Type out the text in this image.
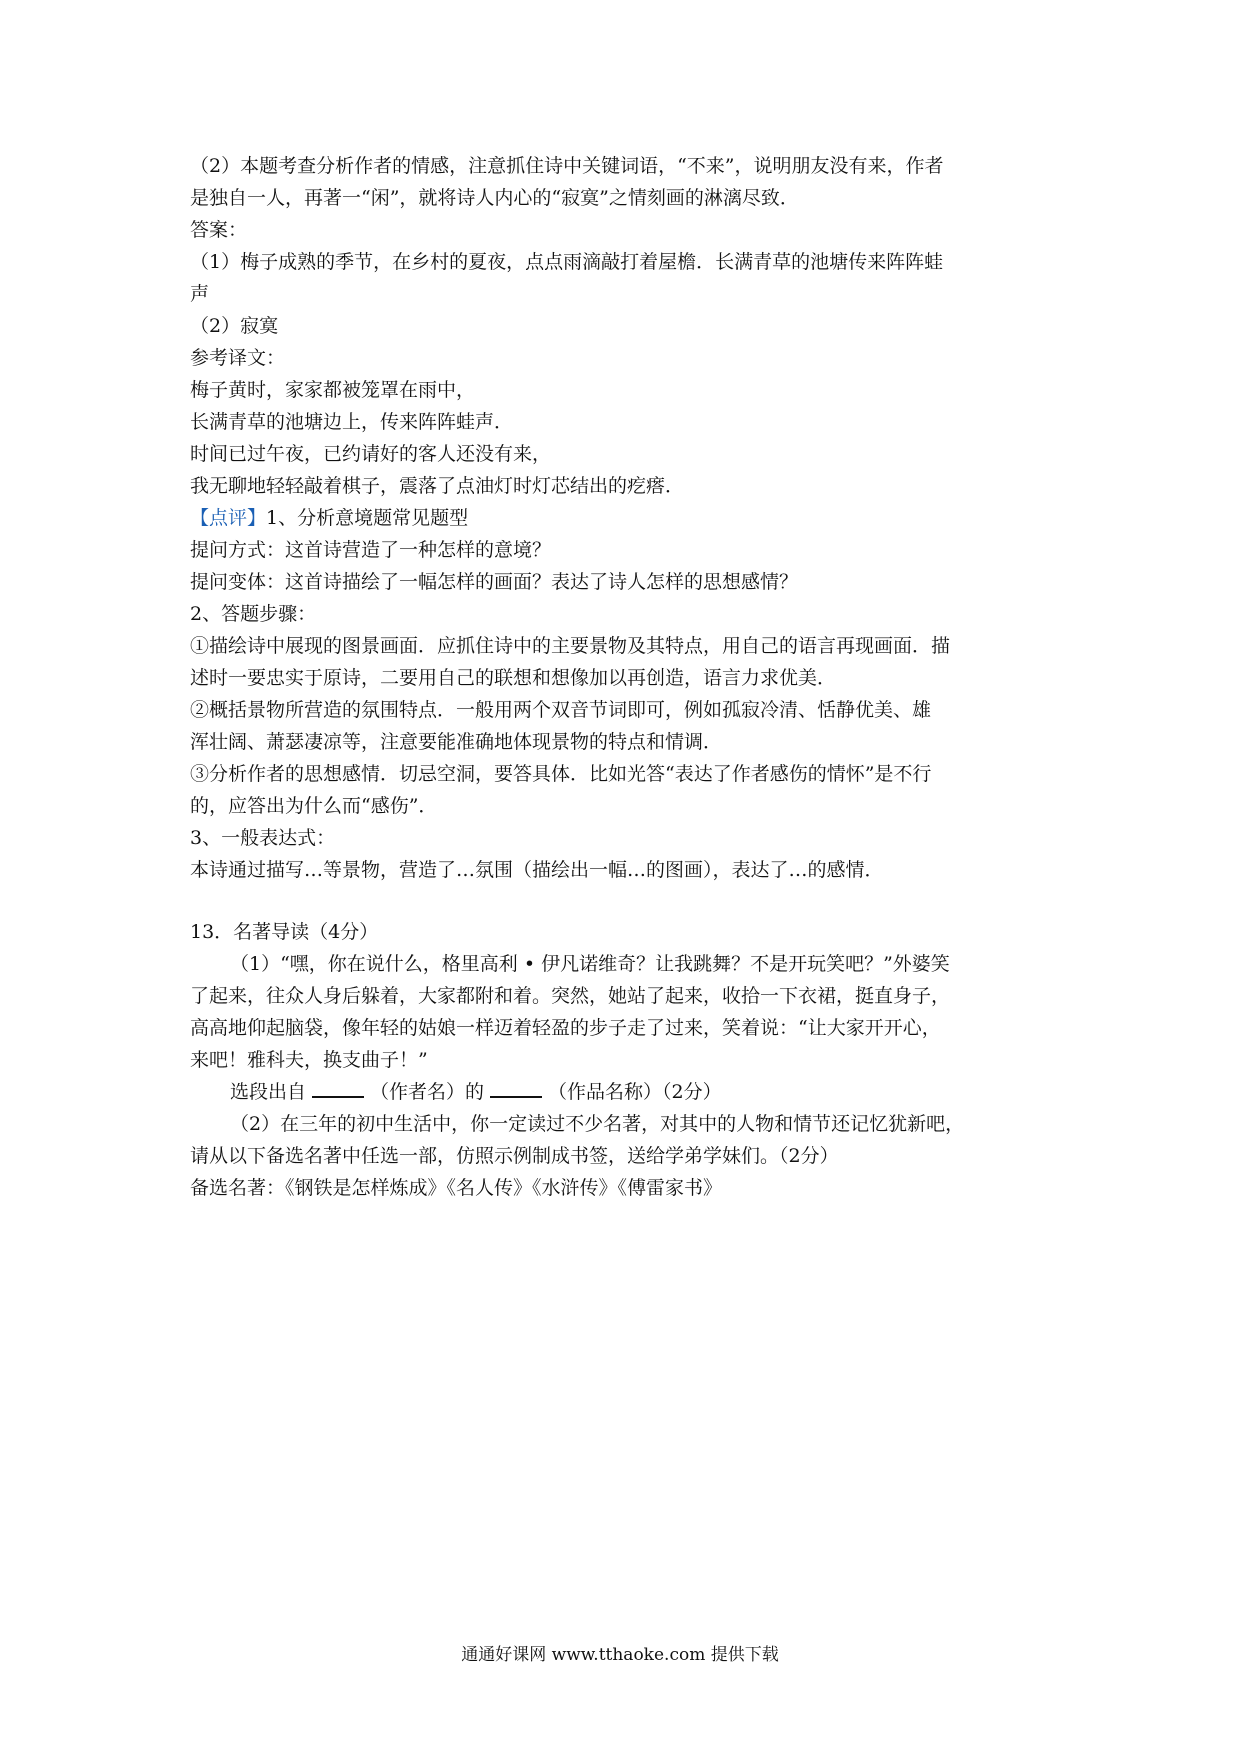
（2）本题考查分析作者的情感，注意抓住诗中关键词语，“不来”，说明朋友没有来，作者
是独自一人，再著一“闲”，就将诗人内心的“寂寞”之情刻画的淋漓尽致．
答案：
（1）梅子成熟的季节，在乡村的夏夜，点点雨滴敲打着屋檐．长满青草的池塘传来阵阵蛙
声
（2）寂寞
参考译文：
梅子黄时，家家都被笼罩在雨中，
长满青草的池塘边上，传来阵阵蛙声．
时间已过午夜，已约请好的客人还没有来，
我无聊地轻轻敲着棋子，震落了点油灯时灯芯结出的疙瘩．
【点评】1、分析意境题常见题型
提问方式：这首诗营造了一种怎样的意境？
提问变体：这首诗描绘了一幅怎样的画面？表达了诗人怎样的思想感情？
2、答题步骤：
①描绘诗中展现的图景画面．应抓住诗中的主要景物及其特点，用自己的语言再现画面．描
述时一要忠实于原诗，二要用自己的联想和想像加以再创造，语言力求优美．
②概括景物所营造的氛围特点．一般用两个双音节词即可，例如孤寂冷清、恬静优美、雄
浑壮阔、萧瑟凄凉等，注意要能准确地体现景物的特点和情调．
③分析作者的思想感情．切忌空洞，要答具体．比如光答“表达了作者感伤的情怀”是不行
的，应答出为什么而“感伤”．
3、一般表达式：
本诗通过描写…等景物，营造了…氛围（描绘出一幅…的图画），表达了…的感情．
13．名著导读（4分）
（1）“嘿，你在说什么，格里高利 • 伊凡诺维奇？让我跳舞？不是开玩笑吧？”外婆笑
了起来，往众人身后躲着，大家都附和着。突然，她站了起来，收拾一下衣裙，挺直身子，
高高地仰起脑袋，像年轻的姑娘一样迈着轻盈的步子走了过来，笑着说：“让大家开开心，
来吧！雅科夫，换支曲子！”
选段出自	（作者名）的	（作品名称）（2分）
（2）在三年的初中生活中，你一定读过不少名著，对其中的人物和情节还记忆犹新吧，
请从以下备选名著中任选一部，仿照示例制成书签，送给学弟学妹们。（2分）
备选名著：《钢铁是怎样炼成》《名人传》《水浒传》《傅雷家书》
通通好课网 www.tthaoke.com 提供下载
